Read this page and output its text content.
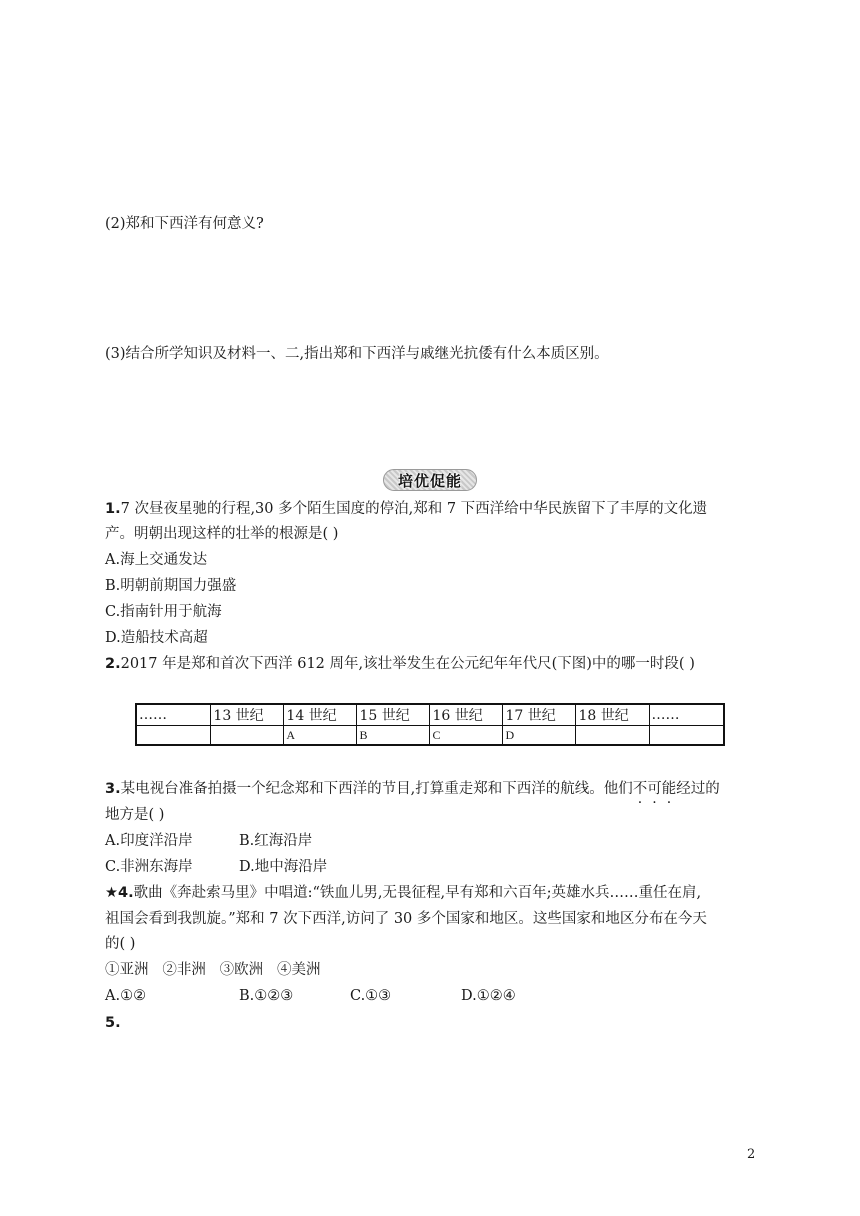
(2)郑和下西洋有何意义?
(3)结合所学知识及材料一、二,指出郑和下西洋与戚继光抗倭有什么本质区别。
培优促能
1.7 次昼夜星驰的行程,30 多个陌生国度的停泊,郑和 7 下西洋给中华民族留下了丰厚的文化遗
产。明朝出现这样的壮举的根源是( )
A.海上交通发达
B.明朝前期国力强盛
C.指南针用于航海
D.造船技术高超
2.2017 年是郑和首次下西洋 612 周年,该壮举发生在公元纪年年代尺(下图)中的哪一时段( )
……	13 世纪	14 世纪	15 世纪	16 世纪	17 世纪	18 世纪	……
		A	B	C	D		
3.某电视台准备拍摄一个纪念郑和下西洋的节目,打算重走郑和下西洋的航线。他们不可能经过的
地方是( )
A.印度洋沿岸	B.红海沿岸
C.非洲东海岸	D.地中海沿岸
★4.歌曲《奔赴索马里》中唱道:“铁血儿男,无畏征程,早有郑和六百年;英雄水兵……重任在肩,
祖国会看到我凯旋。”郑和 7 次下西洋,访问了 30 多个国家和地区。这些国家和地区分布在今天
的( )
①亚洲   ②非洲   ③欧洲   ④美洲
A.①②	B.①②③	C.①③	D.①②④
5.
2
